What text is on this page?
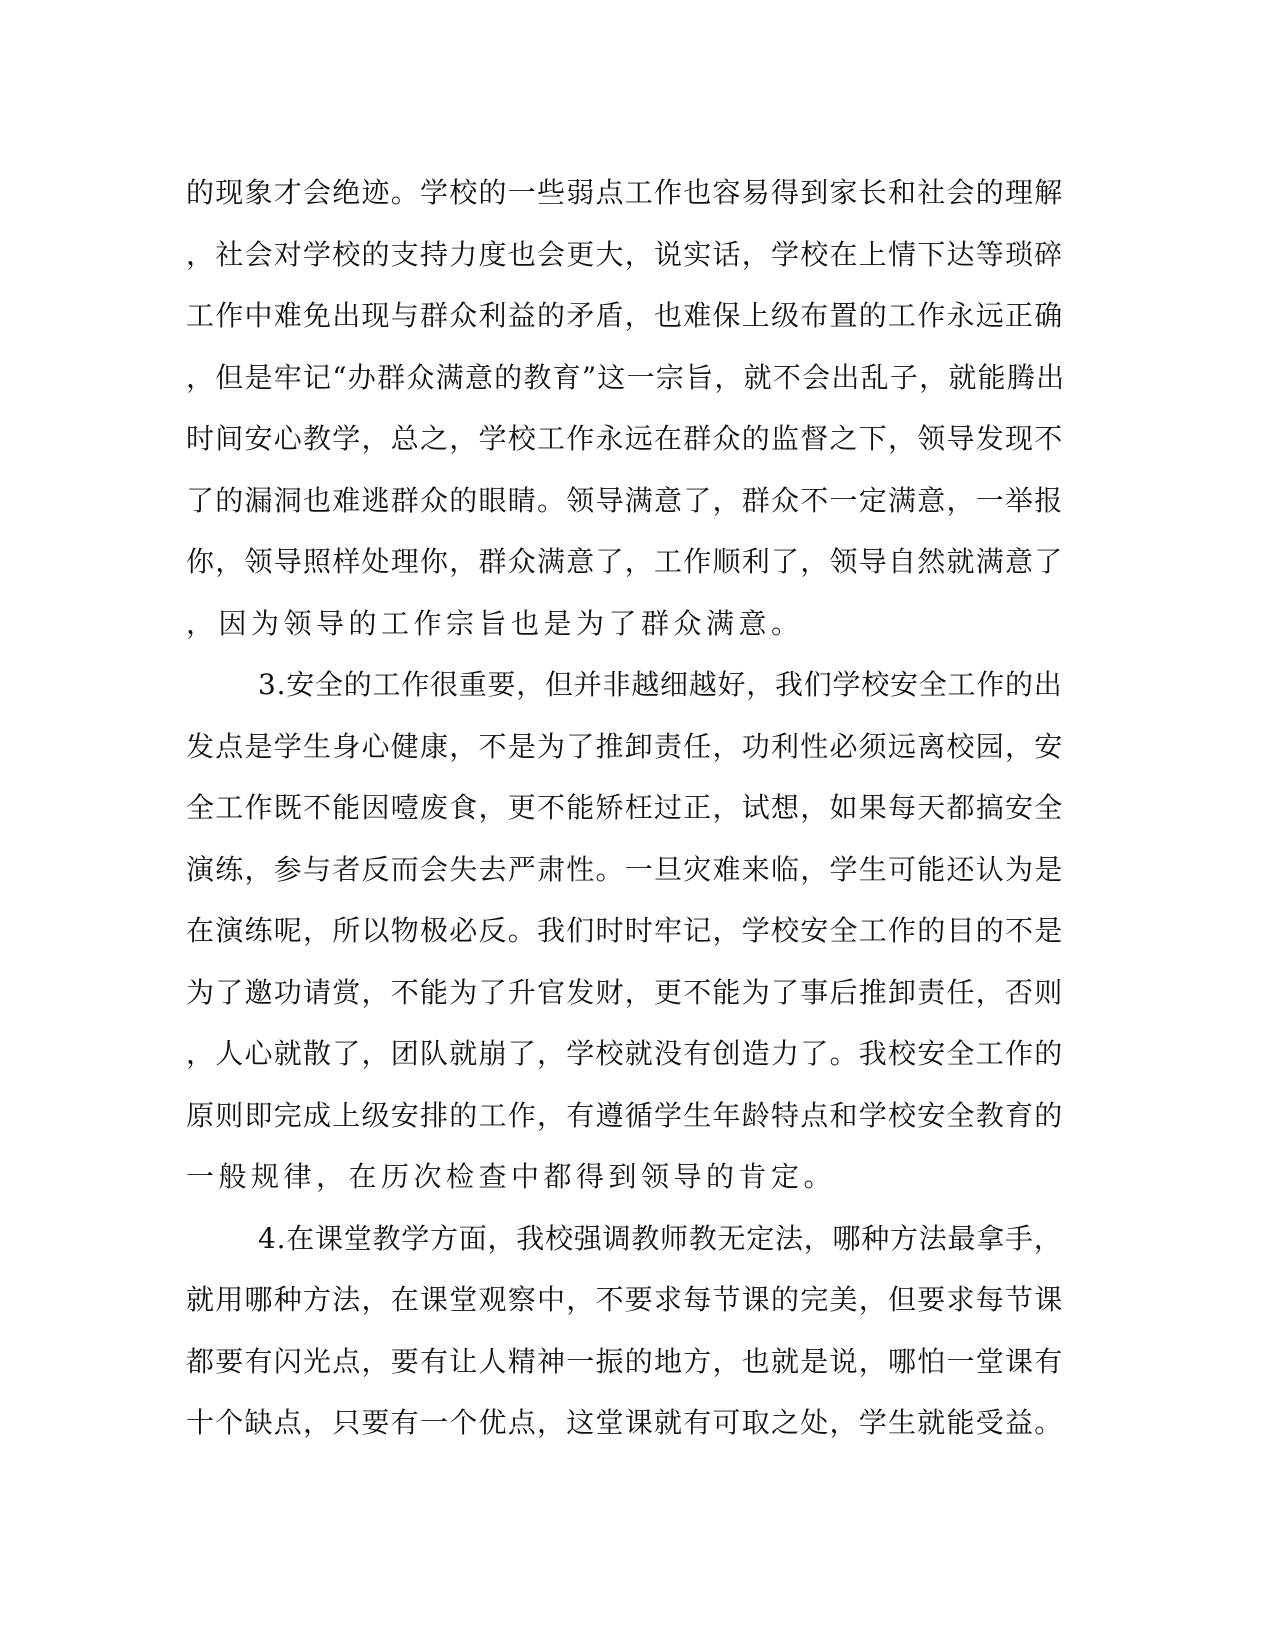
的现象才会绝迹。学校的一些弱点工作也容易得到家长和社会的理解
，社会对学校的支持力度也会更大，说实话，学校在上情下达等琐碎
工作中难免出现与群众利益的矛盾，也难保上级布置的工作永远正确
，但是牢记“办群众满意的教育”这一宗旨，就不会出乱子，就能腾出
时间安心教学，总之，学校工作永远在群众的监督之下，领导发现不
了的漏洞也难逃群众的眼睛。领导满意了，群众不一定满意，一举报
你，领导照样处理你，群众满意了，工作顺利了，领导自然就满意了
，因为领导的工作宗旨也是为了群众满意。
3.安全的工作很重要，但并非越细越好，我们学校安全工作的出
发点是学生身心健康，不是为了推卸责任，功利性必须远离校园，安
全工作既不能因噎废食，更不能矫枉过正，试想，如果每天都搞安全
演练，参与者反而会失去严肃性。一旦灾难来临，学生可能还认为是
在演练呢，所以物极必反。我们时时牢记，学校安全工作的目的不是
为了邀功请赏，不能为了升官发财，更不能为了事后推卸责任，否则
，人心就散了，团队就崩了，学校就没有创造力了。我校安全工作的
原则即完成上级安排的工作，有遵循学生年龄特点和学校安全教育的
一般规律，在历次检查中都得到领导的肯定。
4.在课堂教学方面，我校强调教师教无定法，哪种方法最拿手，
就用哪种方法，在课堂观察中，不要求每节课的完美，但要求每节课
都要有闪光点，要有让人精神一振的地方，也就是说，哪怕一堂课有
十个缺点，只要有一个优点，这堂课就有可取之处，学生就能受益。
